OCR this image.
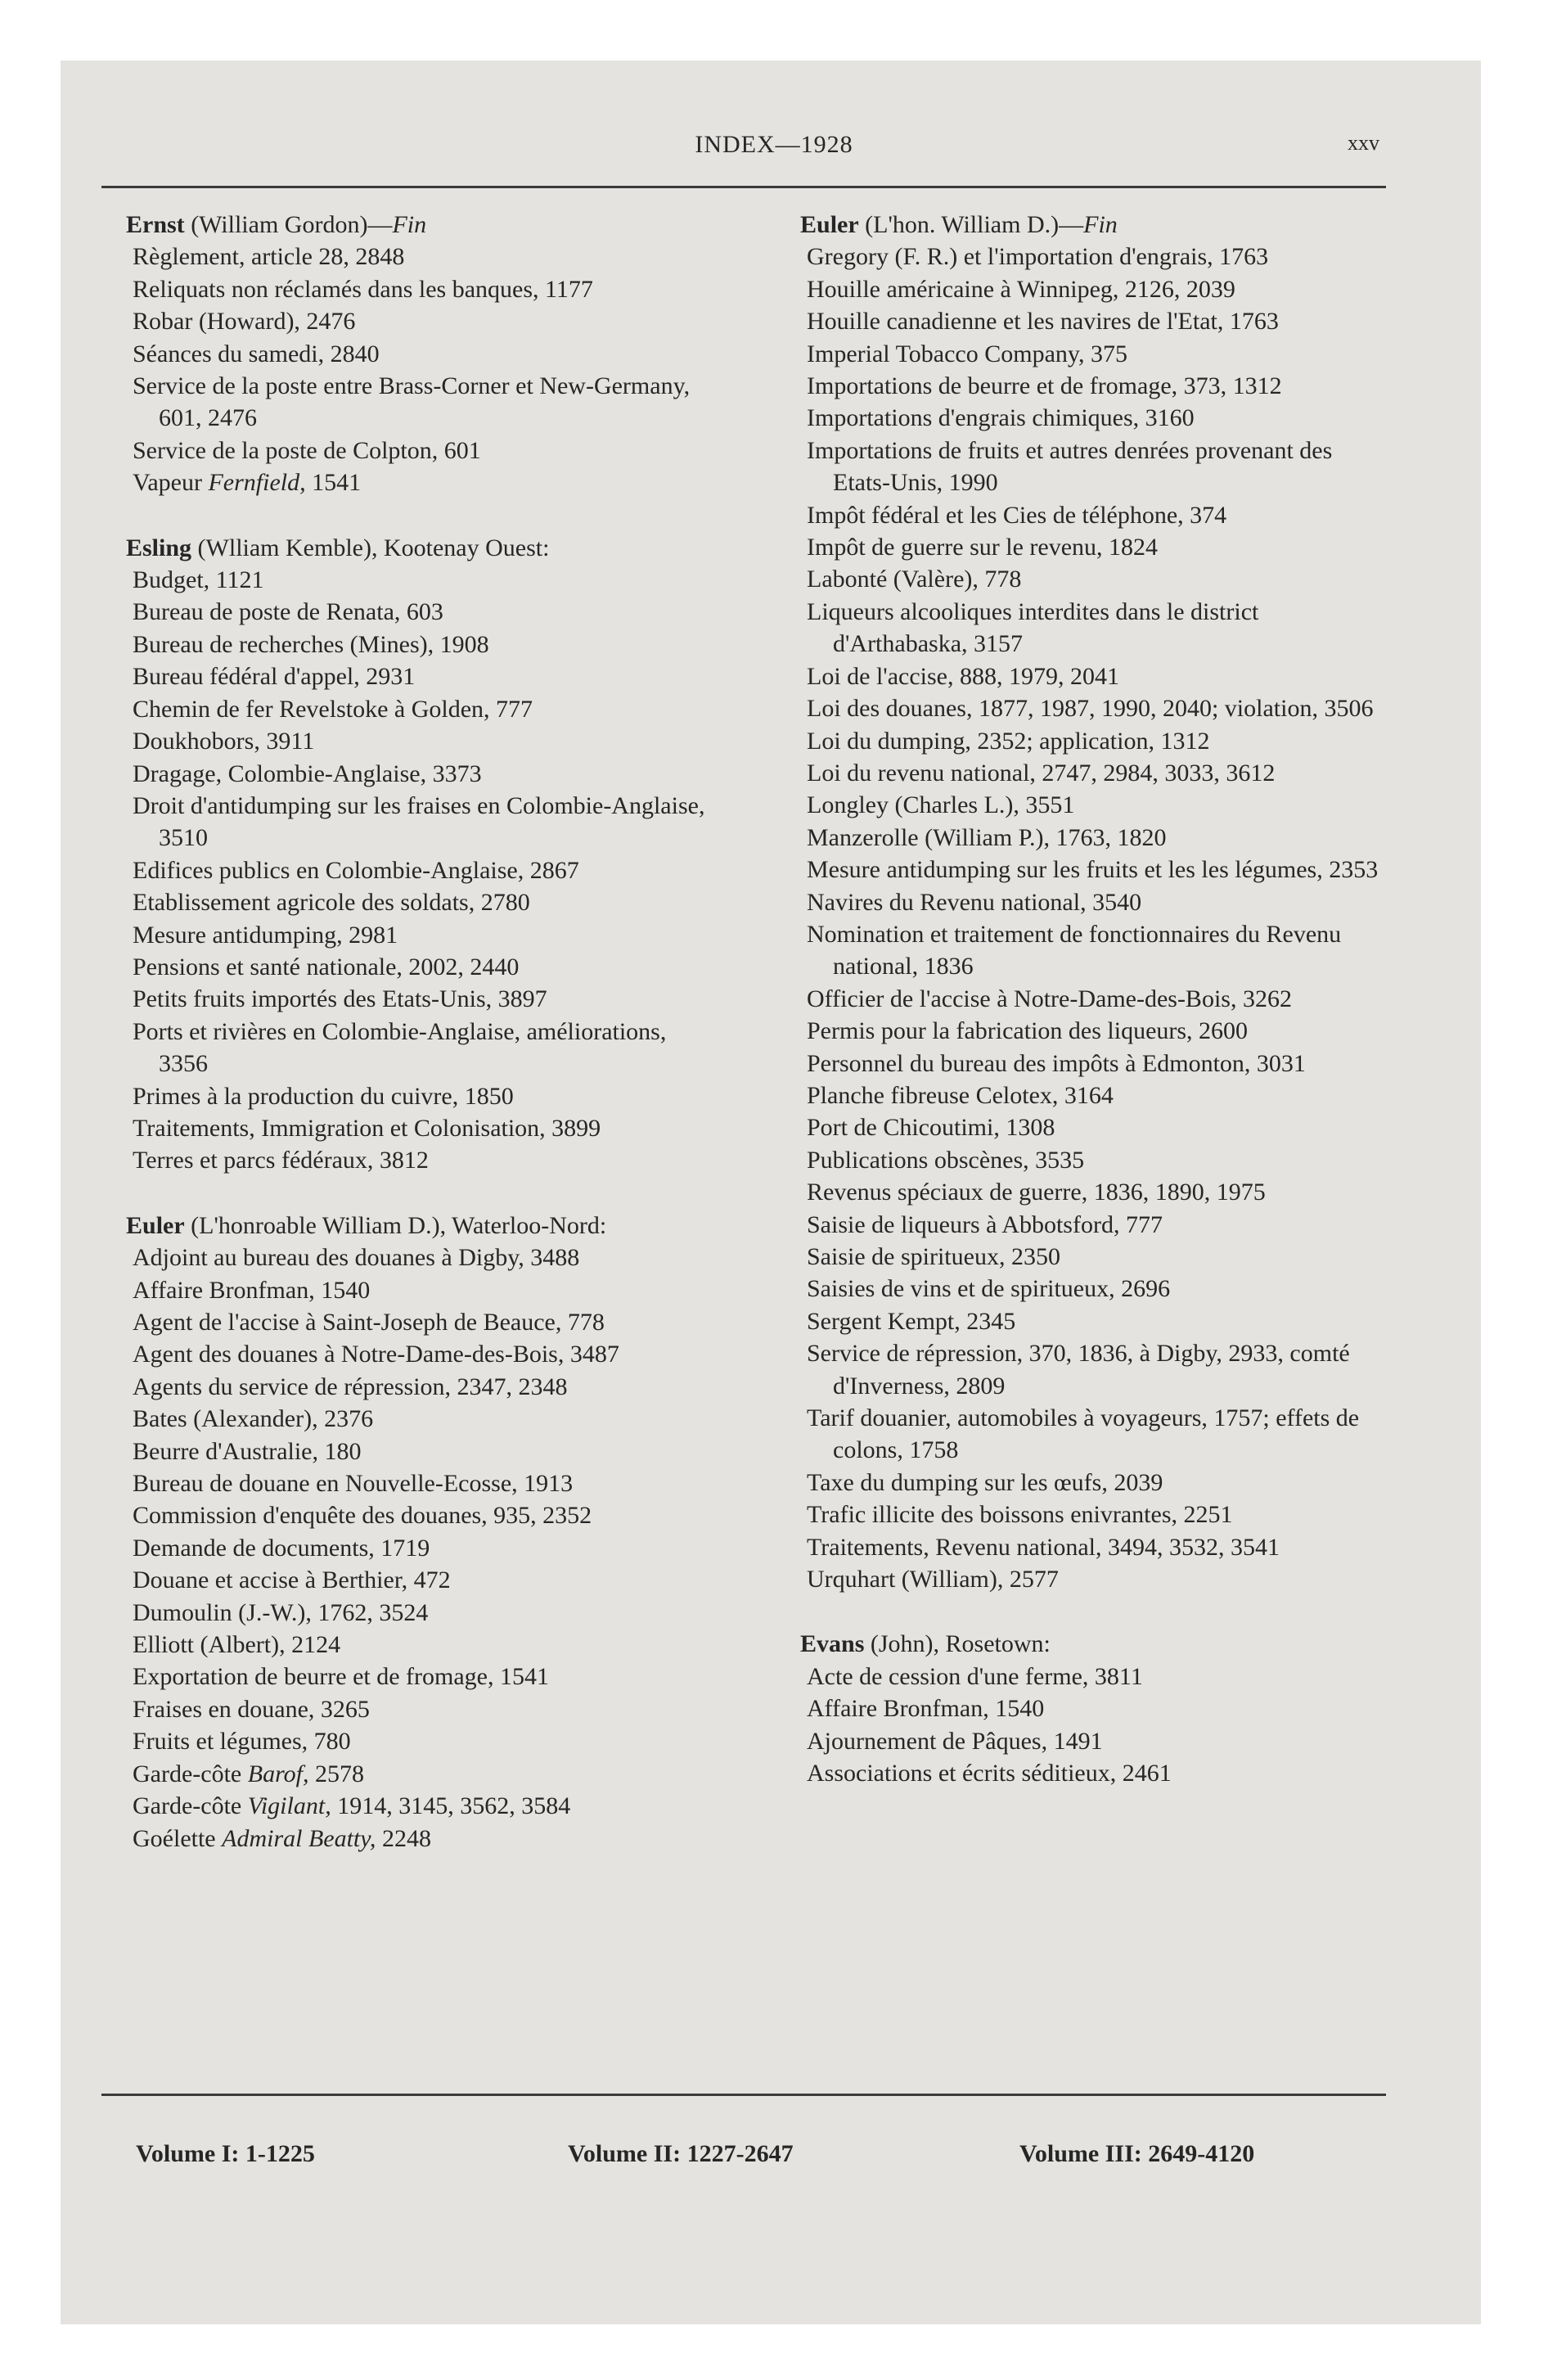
INDEX—1928	xxv

Ernst (William Gordon)—Fin

Règlement, article 28, 2848

Reliquats non réclamés dans les banques, 1177

Robar (Howard), 2476

Séances du samedi, 2840

Service de la poste entre Brass-Corner et New-Germany, 601, 2476

Service de la poste de Colpton, 601

Vapeur Fernfield, 1541

Esling (Wlliam Kemble), Kootenay Ouest:

Budget, 1121

Bureau de poste de Renata, 603

Bureau de recherches (Mines), 1908

Bureau fédéral d'appel, 2931

Chemin de fer Revelstoke à Golden, 777

Doukhobors, 3911

Dragage, Colombie-Anglaise, 3373

Droit d'antidumping sur les fraises en Colombie-Anglaise, 3510

Edifices publics en Colombie-Anglaise, 2867

Etablissement agricole des soldats, 2780

Mesure antidumping, 2981

Pensions et santé nationale, 2002, 2440

Petits fruits importés des Etats-Unis, 3897

Ports et rivières en Colombie-Anglaise, améliorations, 3356

Primes à la production du cuivre, 1850

Traitements, Immigration et Colonisation, 3899

Terres et parcs fédéraux, 3812

Euler (L'honroable William D.), Waterloo-Nord:

Adjoint au bureau des douanes à Digby, 3488

Affaire Bronfman, 1540

Agent de l'accise à Saint-Joseph de Beauce, 778

Agent des douanes à Notre-Dame-des-Bois, 3487

Agents du service de répression, 2347, 2348

Bates (Alexander), 2376

Beurre d'Australie, 180

Bureau de douane en Nouvelle-Ecosse, 1913

Commission d'enquête des douanes, 935, 2352

Demande de documents, 1719

Douane et accise à Berthier, 472

Dumoulin (J.-W.), 1762, 3524

Elliott (Albert), 2124

Exportation de beurre et de fromage, 1541

Fraises en douane, 3265

Fruits et légumes, 780

Garde-côte Barof, 2578

Garde-côte Vigilant, 1914, 3145, 3562, 3584

Goélette Admiral Beatty, 2248

Euler (L'hon. William D.)—Fin

Gregory (F. R.) et l'importation d'engrais, 1763

Houille américaine à Winnipeg, 2126, 2039

Houille canadienne et les navires de l'Etat, 1763

Imperial Tobacco Company, 375

Importations de beurre et de fromage, 373, 1312

Importations d'engrais chimiques, 3160

Importations de fruits et autres denrées provenant des Etats-Unis, 1990

Impôt fédéral et les Cies de téléphone, 374

Impôt de guerre sur le revenu, 1824

Labonté (Valère), 778

Liqueurs alcooliques interdites dans le district d'Arthabaska, 3157

Loi de l'accise, 888, 1979, 2041

Loi des douanes, 1877, 1987, 1990, 2040; violation, 3506

Loi du dumping, 2352; application, 1312

Loi du revenu national, 2747, 2984, 3033, 3612

Longley (Charles L.), 3551

Manzerolle (William P.), 1763, 1820

Mesure antidumping sur les fruits et les les légumes, 2353

Navires du Revenu national, 3540

Nomination et traitement de fonctionnaires du Revenu national, 1836

Officier de l'accise à Notre-Dame-des-Bois, 3262

Permis pour la fabrication des liqueurs, 2600

Personnel du bureau des impôts à Edmonton, 3031

Planche fibreuse Celotex, 3164

Port de Chicoutimi, 1308

Publications obscènes, 3535

Revenus spéciaux de guerre, 1836, 1890, 1975

Saisie de liqueurs à Abbotsford, 777

Saisie de spiritueux, 2350

Saisies de vins et de spiritueux, 2696

Sergent Kempt, 2345

Service de répression, 370, 1836, à Digby, 2933, comté d'Inverness, 2809

Tarif douanier, automobiles à voyageurs, 1757; effets de colons, 1758

Taxe du dumping sur les œufs, 2039

Trafic illicite des boissons enivrantes, 2251

Traitements, Revenu national, 3494, 3532, 3541

Urquhart (William), 2577

Evans (John), Rosetown:

Acte de cession d'une ferme, 3811

Affaire Bronfman, 1540

Ajournement de Pâques, 1491

Associations et écrits séditieux, 2461

Volume I: 1-1225	Volume II: 1227-2647	Volume III: 2649-4120
